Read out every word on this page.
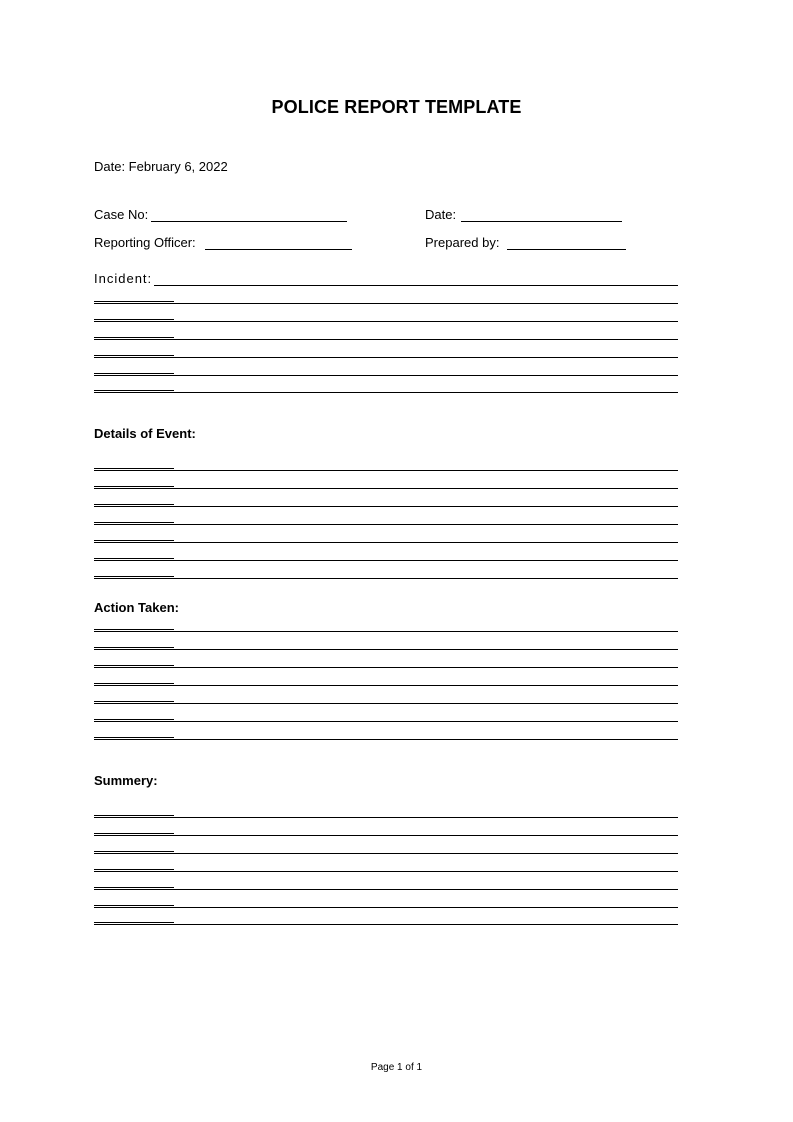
POLICE REPORT TEMPLATE
Date: February 6, 2022
Case No:	Date:
Reporting Officer:	Prepared by:
Incident:
Details of Event:
Action Taken:
Summery:
Page 1 of 1
